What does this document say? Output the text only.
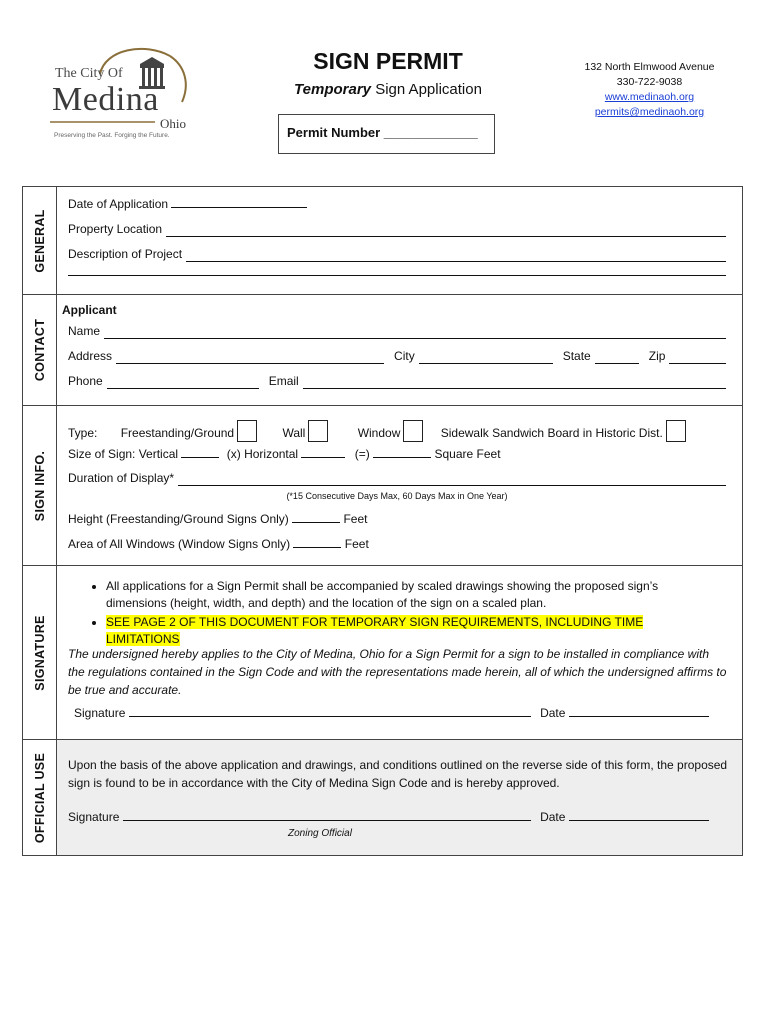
The City Of
Medina
Ohio
Preserving the Past. Forging the Future.
SIGN PERMIT
Temporary Sign Application
Permit Number _____________
132 North Elmwood Avenue
330-722-9038
www.medinaoh.org
permits@medinaoh.org
GENERAL
Date of Application
Property Location
Description of Project
CONTACT
Applicant
Name
Address	City	State	Zip
Phone	Email
SIGN INFO.
Type: Freestanding/Ground	Wall	Window	Sidewalk Sandwich Board in Historic Dist.
Size of Sign: Vertical	(x) Horizontal	(=)	Square Feet
Duration of Display*
(*15 Consecutive Days Max, 60 Days Max in One Year)
Height (Freestanding/Ground Signs Only)	Feet
Area of All Windows (Window Signs Only)	Feet
SIGNATURE
• All applications for a Sign Permit shall be accompanied by scaled drawings showing the proposed sign’s dimensions (height, width, and depth) and the location of the sign on a scaled plan.
• SEE PAGE 2 OF THIS DOCUMENT FOR TEMPORARY SIGN REQUIREMENTS, INCLUDING TIME LIMITATIONS
The undersigned hereby applies to the City of Medina, Ohio for a Sign Permit for a sign to be installed in compliance with the regulations contained in the Sign Code and with the representations made herein, all of which the undersigned affirms to be true and accurate.
Signature	Date
OFFICIAL USE Upon the basis of the above application and drawings, and conditions outlined on the reverse side of this form, the proposed sign is found to be in accordance with the City of Medina Sign Code and is hereby approved.
Signature	Date
Zoning Official
